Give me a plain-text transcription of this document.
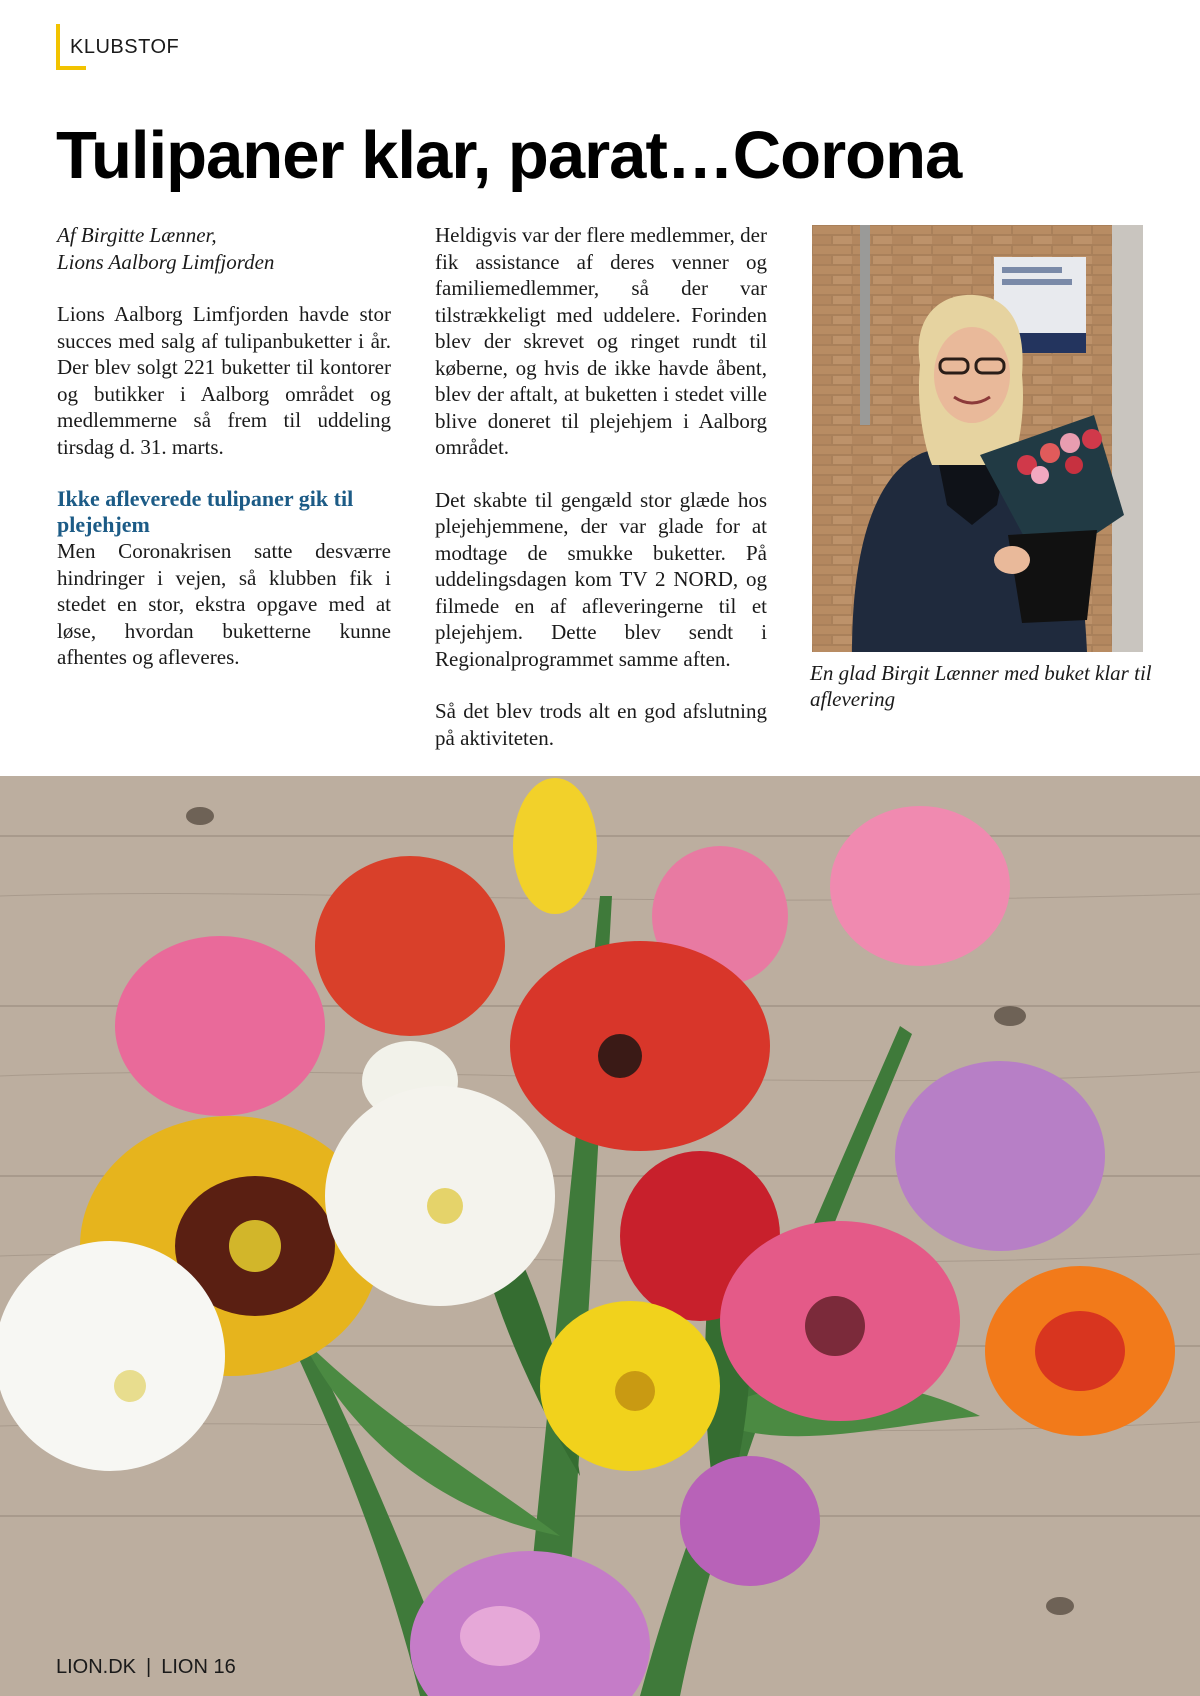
KLUBSTOF
Tulipaner klar, parat…Corona

Af Birgitte Lænner,
Lions Aalborg Limfjorden

Lions Aalborg Limfjorden havde stor succes med salg af tulipanbuketter i år. Der blev solgt 221 buketter til kontorer og butikker i Aalborg området og medlemmerne så frem til uddeling tirsdag d. 31. marts.

Ikke afleverede tulipaner gik til plejehjem

Men Coronakrisen satte desværre hindringer i vejen, så klubben fik i stedet en stor, ekstra opgave med at løse, hvordan buketterne kunne afhentes og afleveres.

Heldigvis var der flere medlemmer, der fik assistance af deres venner og familiemedlemmer, så der var tilstrækkeligt med uddelere. Forinden blev der skrevet og ringet rundt til køberne, og hvis de ikke havde åbent, blev der aftalt, at buketten i stedet ville blive doneret til plejehjem i Aalborg området.

Det skabte til gengæld stor glæde hos plejehjemmene, der var glade for at modtage de smukke buketter. På uddelingsdagen kom TV 2 NORD, og filmede en af afleveringerne til et plejehjem. Dette blev sendt i Regionalprogrammet samme aften.

Så det blev trods alt en god afslutning på aktiviteten.

En glad Birgit Lænner med buket klar til aflevering

LION.DK | LION 16
